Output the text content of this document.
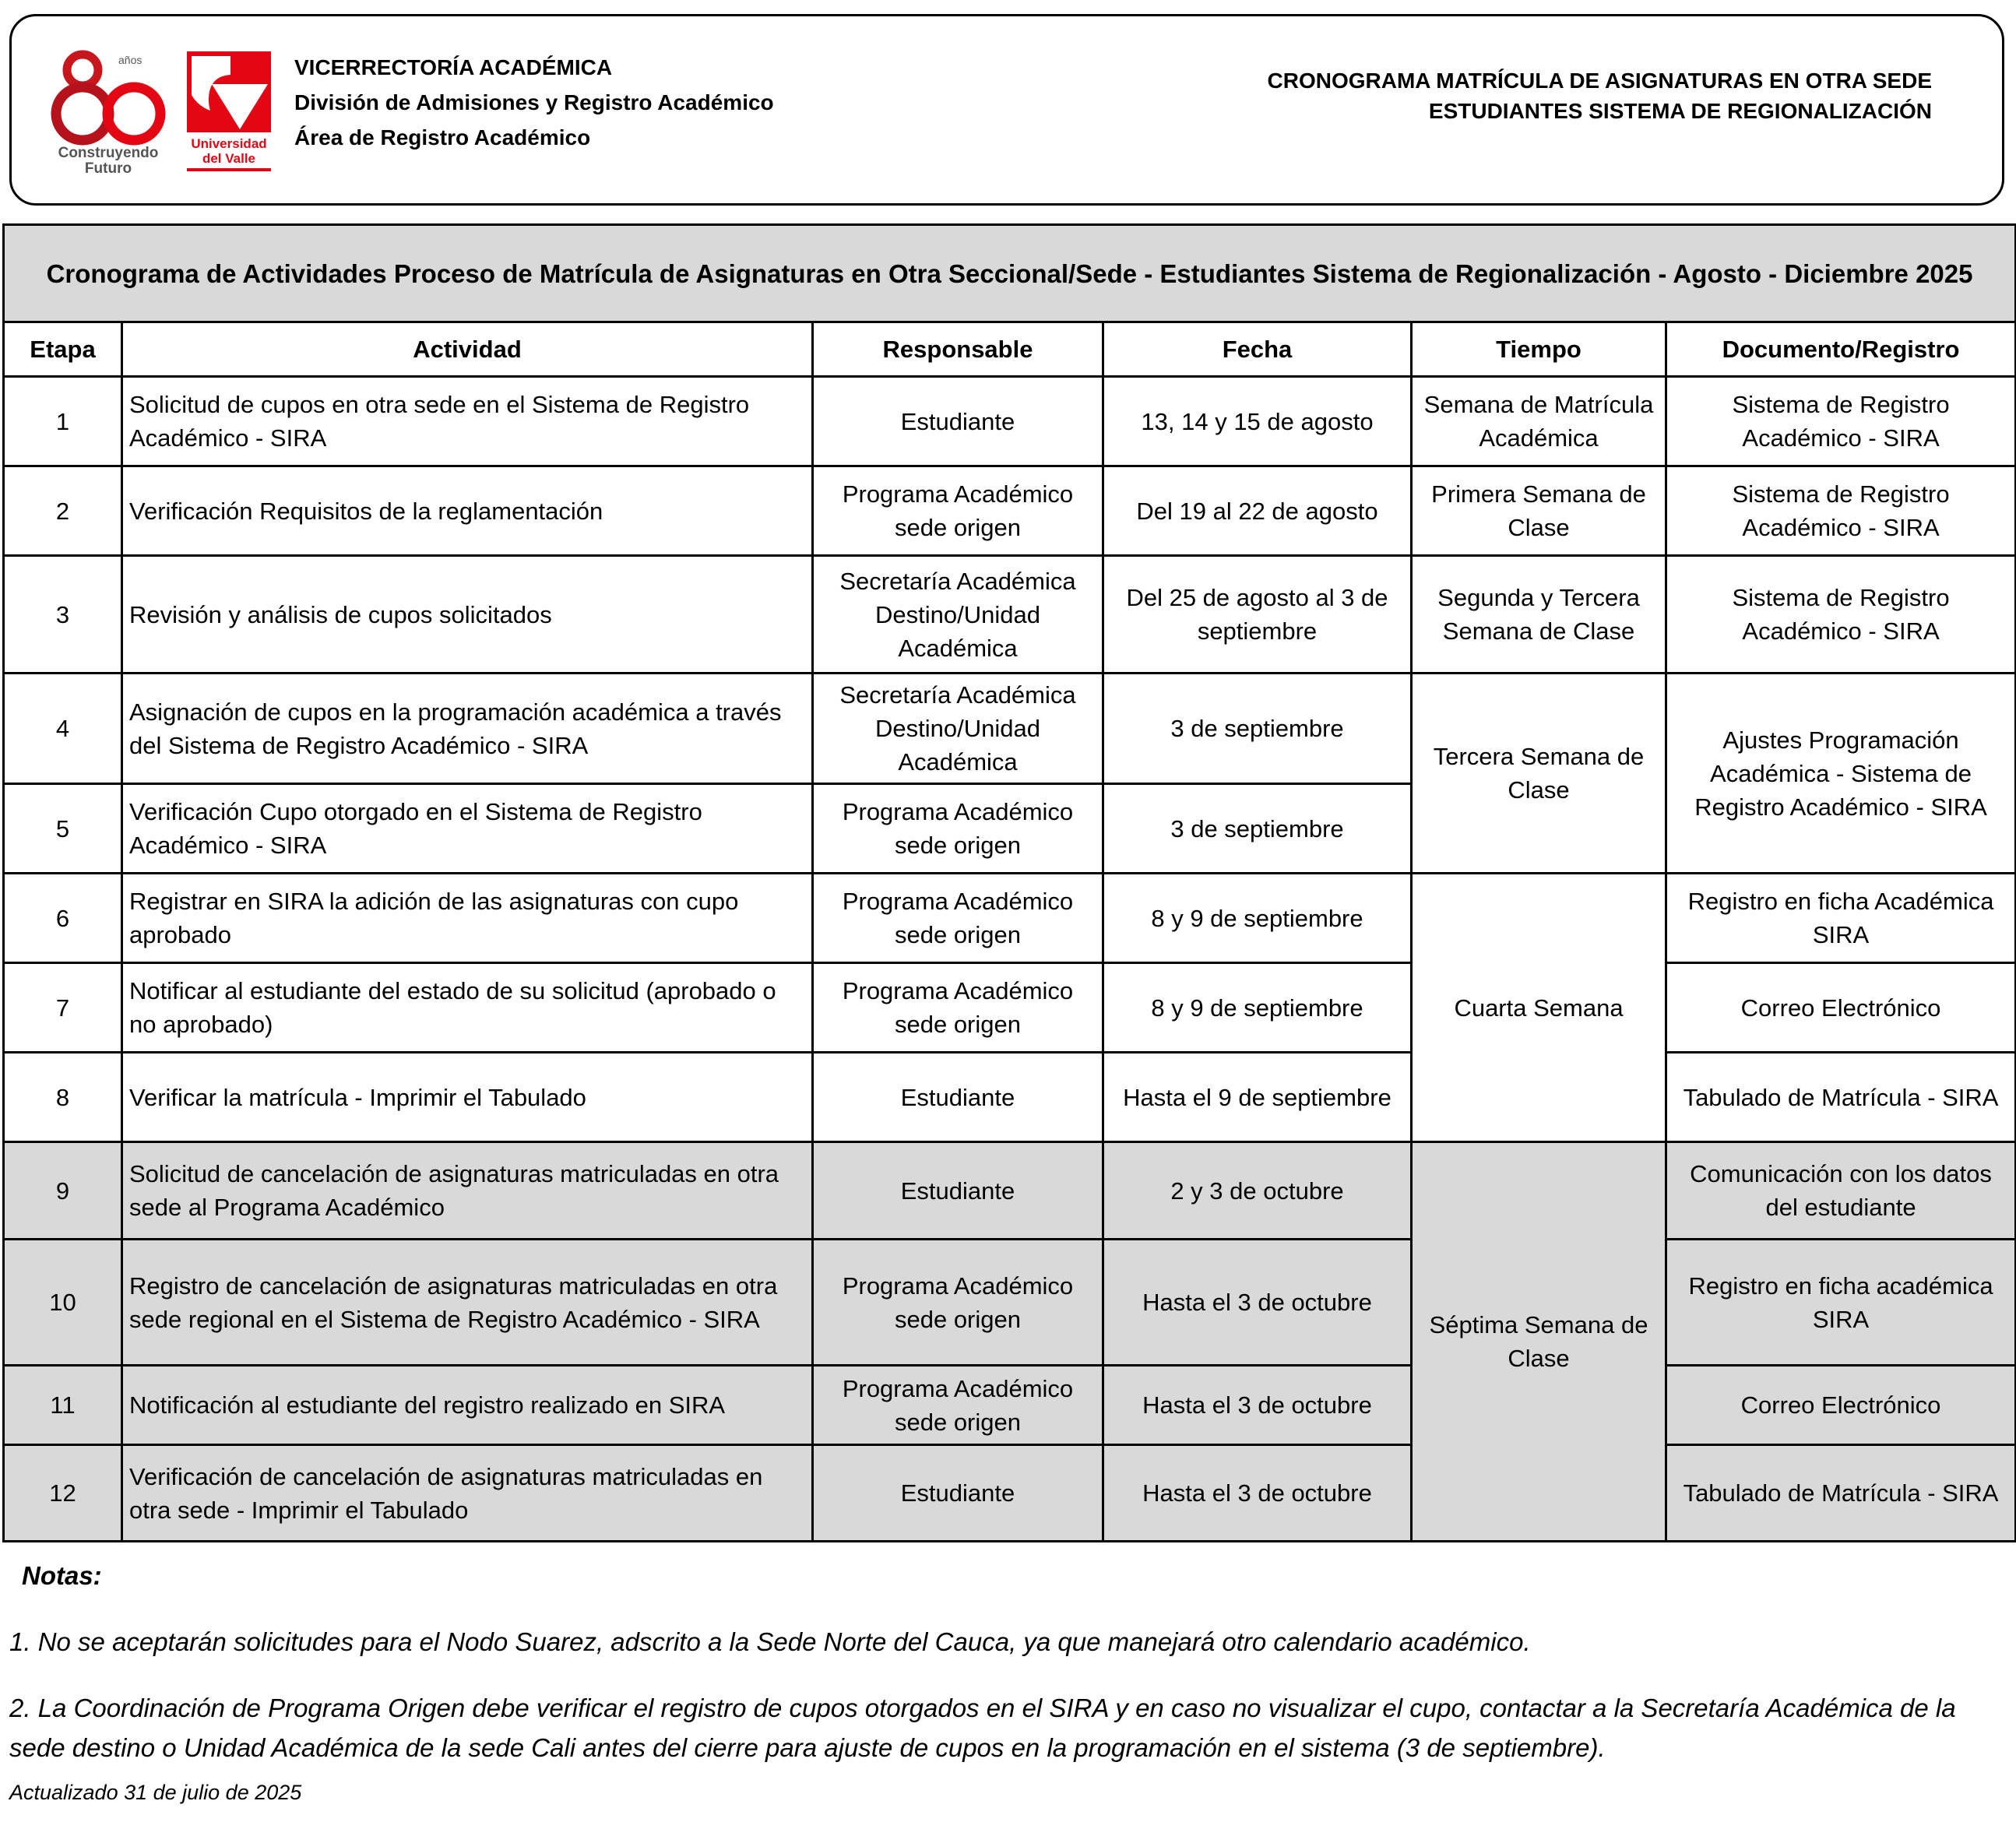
años
Construyendo
Futuro
Universidad
del Valle
VICERRECTORÍA ACADÉMICA
División de Admisiones y Registro Académico
Área de Registro Académico
CRONOGRAMA MATRÍCULA DE ASIGNATURAS EN OTRA SEDE
ESTUDIANTES SISTEMA DE REGIONALIZACIÓN
Cronograma de Actividades Proceso de Matrícula de Asignaturas en Otra Seccional/Sede - Estudiantes Sistema de Regionalización - Agosto - Diciembre 2025					
Etapa	Actividad	Responsable	Fecha	Tiempo	Documento/Registro
1	Solicitud de cupos en otra sede en el Sistema de Registro Académico - SIRA	Estudiante	13, 14 y 15 de agosto	Semana de Matrícula Académica	Sistema de Registro Académico - SIRA
2	Verificación Requisitos de la reglamentación	Programa Académico sede origen	Del 19 al 22 de agosto	Primera Semana de Clase	Sistema de Registro Académico - SIRA
3	Revisión y análisis de cupos solicitados	Secretaría Académica Destino/Unidad Académica	Del 25 de agosto al 3 de septiembre	Segunda y Tercera Semana de Clase	Sistema de Registro Académico - SIRA
4	Asignación de cupos en la programación académica a través del Sistema de Registro Académico - SIRA	Secretaría Académica Destino/Unidad Académica	3 de septiembre	Tercera Semana de Clase	Ajustes Programación Académica - Sistema de Registro Académico - SIRA
5	Verificación Cupo otorgado en el Sistema de Registro Académico - SIRA	Programa Académico sede origen	3 de septiembre		
6	Registrar en SIRA la adición de las asignaturas con cupo aprobado	Programa Académico sede origen	8 y 9 de septiembre	Cuarta Semana	Registro en ficha Académica SIRA
7	Notificar al estudiante del estado de su solicitud (aprobado o no aprobado)	Programa Académico sede origen	8 y 9 de septiembre		Correo Electrónico
8	Verificar la matrícula - Imprimir el Tabulado	Estudiante	Hasta el 9 de septiembre		Tabulado de Matrícula - SIRA
9	Solicitud de cancelación de asignaturas matriculadas en otra sede al Programa Académico	Estudiante	2 y 3 de octubre	Séptima Semana de Clase	Comunicación con los datos del estudiante
10	Registro de cancelación de asignaturas matriculadas en otra sede regional en el Sistema de Registro Académico - SIRA	Programa Académico sede origen	Hasta el 3 de octubre		Registro en ficha académica SIRA
11	Notificación al estudiante del registro realizado en SIRA	Programa Académico sede origen	Hasta el 3 de octubre		Correo Electrónico
12	Verificación de cancelación de asignaturas matriculadas en otra sede - Imprimir el Tabulado	Estudiante	Hasta el 3 de octubre		Tabulado de Matrícula - SIRA
Notas:
1. No se aceptarán solicitudes para el Nodo Suarez, adscrito a la Sede Norte del Cauca, ya que manejará otro calendario académico.
2. La Coordinación de Programa Origen debe verificar el registro de cupos otorgados en el SIRA y en caso no visualizar el cupo, contactar a la Secretaría Académica de la sede destino o Unidad Académica de la sede Cali antes del cierre para ajuste de cupos en la programación en el sistema (3 de septiembre).
Actualizado 31 de julio de 2025
